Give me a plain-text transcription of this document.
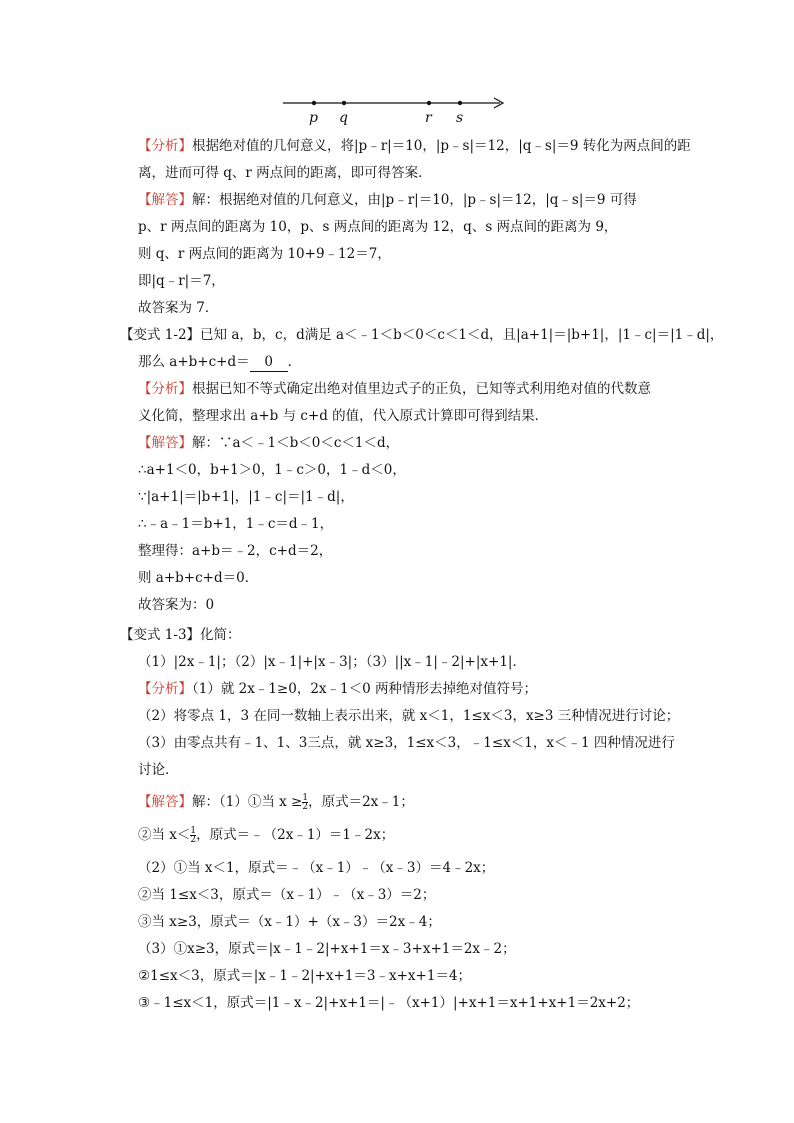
p q	r s
【分析】根据绝对值的几何意义，将|p﹣r|＝10，|p﹣s|＝12，|q﹣s|＝9 转化为两点间的距
离，进而可得 q、r 两点间的距离，即可得答案．
【解答】解：根据绝对值的几何意义，由|p﹣r|＝10，|p﹣s|＝12，|q﹣s|＝9 可得
p、r 两点间的距离为 10，p、s 两点间的距离为 12，q、s 两点间的距离为 9，
则 q、r 两点间的距离为 10+9﹣12＝7，
即|q﹣r|＝7，
故答案为 7．
【变式 1-2】已知 a，b，c，d满足 a＜﹣1＜b＜0＜c＜1＜d，且|a+1|＝|b+1|，|1﹣c|＝|1﹣d|，
那么 a+b+c+d＝ 0 ．
【分析】根据已知不等式确定出绝对值里边式子的正负，已知等式利用绝对值的代数意
义化简，整理求出 a+b 与 c+d 的值，代入原式计算即可得到结果．
【解答】解：∵a＜﹣1＜b＜0＜c＜1＜d，
∴a+1＜0，b+1＞0，1﹣c＞0，1﹣d＜0，
∵|a+1|＝|b+1|，|1﹣c|＝|1﹣d|，
∴﹣a﹣1＝b+1，1﹣c＝d﹣1，
整理得：a+b＝﹣2，c+d＝2，
则 a+b+c+d＝0．
故答案为：0
【变式 1-3】化简：
（1）|2x﹣1|；（2）|x﹣1|+|x﹣3|；（3）||x﹣1|﹣2|+|x+1|．
【分析】（1）就 2x﹣1≥0，2x﹣1＜0 两种情形去掉绝对值符号；
（2）将零点 1，3 在同一数轴上表示出来，就 x＜1，1≤x＜3，x≥3 三种情况进行讨论；
（3）由零点共有﹣1、1、3三点，就 x≥3，1≤x＜3，﹣1≤x＜1，x＜﹣1 四种情况进行
讨论．
【解答】解：（1）①当 $x \ge \frac{1}{2}$ ，原式＝2x﹣1；
②当 $x< \frac{1}{2}$ ，原式＝﹣（2x﹣1）＝1﹣2x；
（2）①当 x＜1，原式＝﹣（x﹣1）﹣（x﹣3）＝4﹣2x；
②当 1≤x＜3，原式＝（x﹣1）﹣（x﹣3）＝2；
③当 x≥3，原式＝（x﹣1）+（x﹣3）＝2x﹣4；
（3）①x≥3，原式＝|x﹣1﹣2|+x+1＝x﹣3+x+1＝2x﹣2；
②1≤x＜3，原式＝|x﹣1﹣2|+x+1＝3﹣x+x+1＝4；
③﹣1≤x＜1，原式＝|1﹣x﹣2|+x+1＝|﹣（x+1）|+x+1＝x+1+x+1＝2x+2；
